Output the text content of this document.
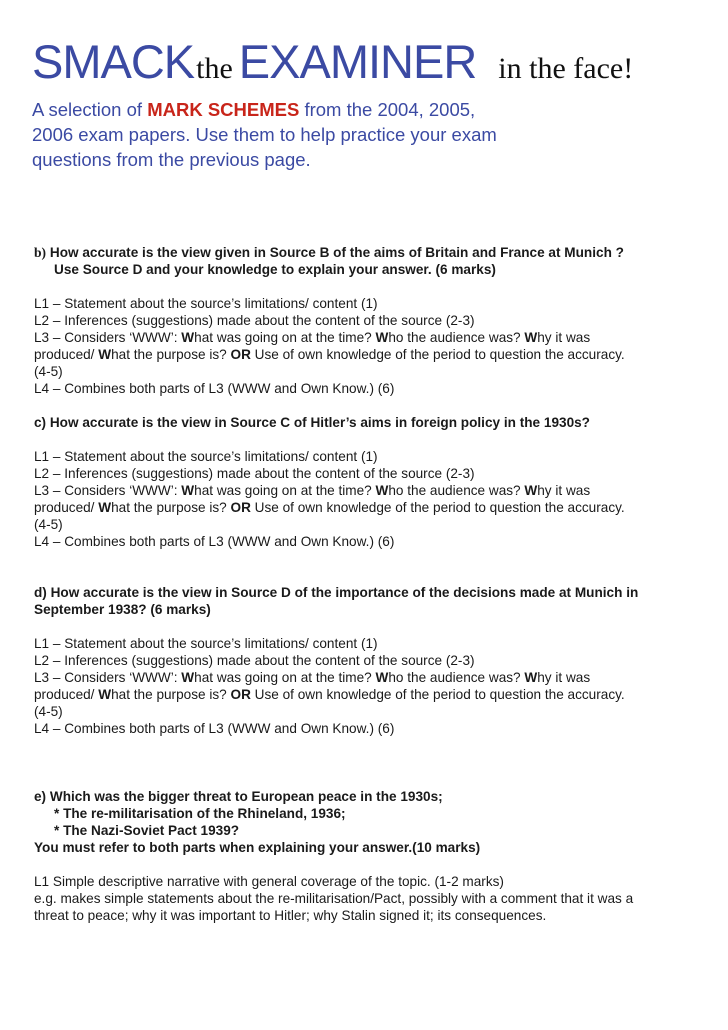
SMACKthe EXAMINER in the face!
A selection of MARK SCHEMES from the 2004, 2005,
2006 exam papers. Use them to help practice your exam
questions from the previous page.
b) How accurate is the view given in Source B of the aims of Britain and France at Munich ?
Use Source D and your knowledge to explain your answer. (6 marks)
L1 – Statement about the source’s limitations/ content (1)
L2 – Inferences (suggestions) made about the content of the source (2-3)
L3 – Considers ‘WWW’: What was going on at the time? Who the audience was? Why it was
produced/ What the purpose is? OR Use of own knowledge of the period to question the accuracy.
(4-5)
L4 – Combines both parts of L3 (WWW and Own Know.) (6)
c) How accurate is the view in Source C of Hitler’s aims in foreign policy in the 1930s?
L1 – Statement about the source’s limitations/ content (1)
L2 – Inferences (suggestions) made about the content of the source (2-3)
L3 – Considers ‘WWW’: What was going on at the time? Who the audience was? Why it was
produced/ What the purpose is? OR Use of own knowledge of the period to question the accuracy.
(4-5)
L4 – Combines both parts of L3 (WWW and Own Know.) (6)
d) How accurate is the view in Source D of the importance of the decisions made at Munich in
September 1938? (6 marks)
L1 – Statement about the source’s limitations/ content (1)
L2 – Inferences (suggestions) made about the content of the source (2-3)
L3 – Considers ‘WWW’: What was going on at the time? Who the audience was? Why it was
produced/ What the purpose is? OR Use of own knowledge of the period to question the accuracy.
(4-5)
L4 – Combines both parts of L3 (WWW and Own Know.) (6)
e) Which was the bigger threat to European peace in the 1930s;
* The re-militarisation of the Rhineland, 1936;
* The Nazi-Soviet Pact 1939?
You must refer to both parts when explaining your answer.(10 marks)
L1 Simple descriptive narrative with general coverage of the topic. (1-2 marks)
e.g. makes simple statements about the re-militarisation/Pact, possibly with a comment that it was a
threat to peace; why it was important to Hitler; why Stalin signed it; its consequences.
